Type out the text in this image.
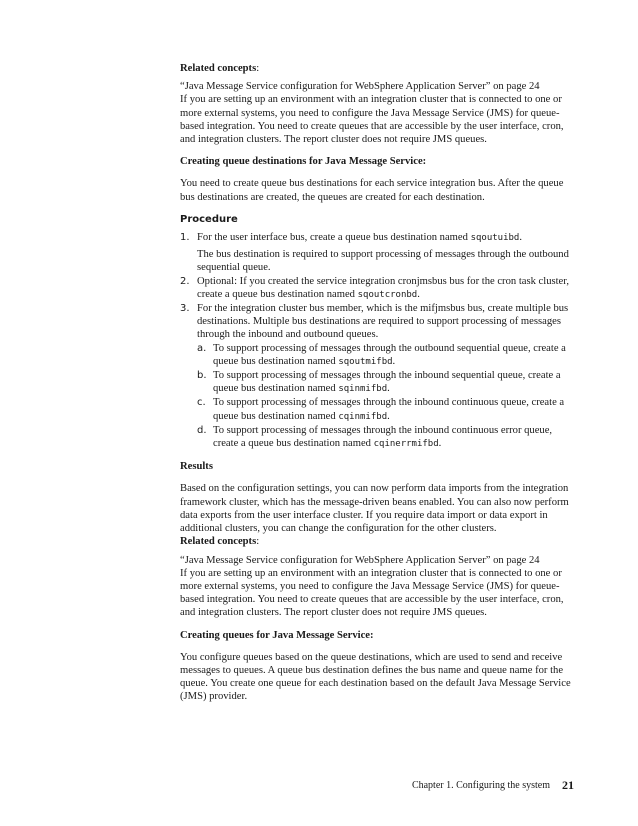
Related concepts:

“Java Message Service configuration for WebSphere Application Server” on page 24

If you are setting up an environment with an integration cluster that is connected to one or more external systems, you need to configure the Java Message Service (JMS) for queue-based integration. You need to create queues that are accessible by the user interface, cron, and integration clusters. The report cluster does not require JMS queues.

Creating queue destinations for Java Message Service:

You need to create queue bus destinations for each service integration bus. After the queue bus destinations are created, the queues are created for each destination.

Procedure

1. For the user interface bus, create a queue bus destination named sqoutuibd.

The bus destination is required to support processing of messages through the outbound sequential queue.

2. Optional: If you created the service integration cronjmsbus bus for the cron task cluster, create a queue bus destination named sqoutcronbd.

3. For the integration cluster bus member, which is the mifjmsbus bus, create multiple bus destinations. Multiple bus destinations are required to support processing of messages through the inbound and outbound queues.

a. To support processing of messages through the outbound sequential queue, create a queue bus destination named sqoutmifbd.

b. To support processing of messages through the inbound sequential queue, create a queue bus destination named sqinmifbd.

c. To support processing of messages through the inbound continuous queue, create a queue bus destination named cqinmifbd.

d. To support processing of messages through the inbound continuous error queue, create a queue bus destination named cqinerrmifbd.

Results

Based on the configuration settings, you can now perform data imports from the integration framework cluster, which has the message-driven beans enabled. You can also now perform data exports from the user interface cluster. If you require data import or data export in additional clusters, you can change the configuration for the other clusters.

Related concepts:

“Java Message Service configuration for WebSphere Application Server” on page 24

If you are setting up an environment with an integration cluster that is connected to one or more external systems, you need to configure the Java Message Service (JMS) for queue-based integration. You need to create queues that are accessible by the user interface, cron, and integration clusters. The report cluster does not require JMS queues.

Creating queues for Java Message Service:

You configure queues based on the queue destinations, which are used to send and receive messages to queues. A queue bus destination defines the bus name and queue name for the queue. You create one queue for each destination based on the default Java Message Service (JMS) provider.

Chapter 1. Configuring the system 21
